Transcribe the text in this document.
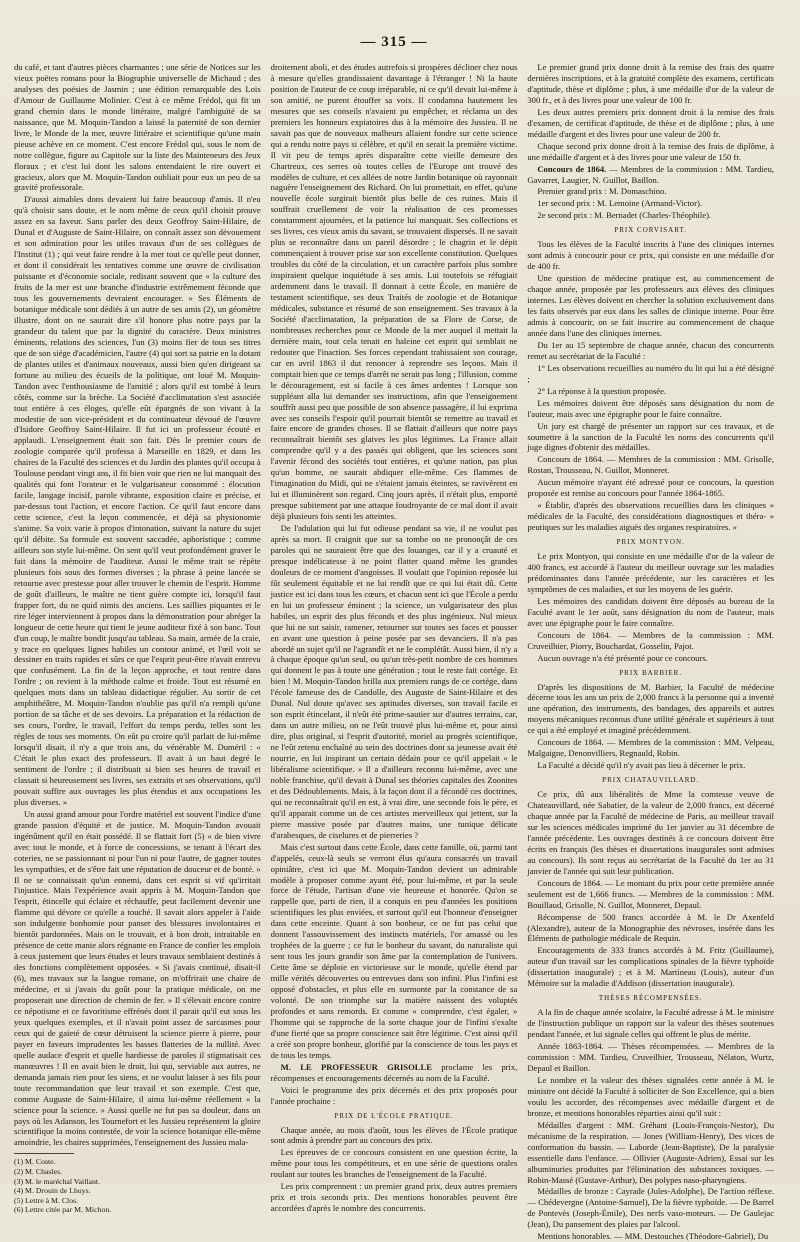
— 315 —

du café, et tant d'autres pièces charmantes ; une série de Notices sur les vieux poëtes romans pour la Biographie universelle de Michaud ; des analyses des poésies de Jasmin ; une édition remarquable des Lois d'Amour de Guillaume Molinier. C'est à ce même Frédol, qui fit un grand chemin dans le monde littéraire, malgré l'ambiguïté de sa naissance, que M. Moquin-Tandon a laissé la paternité de son dernier livre, le Monde de la mer, œuvre littéraire et scientifique qu'une main pieuse achève en ce moment. C'est encore Frédol qui, sous le nom de notre collègue, figure au Capitole sur la liste des Mainteneurs des Jeux floraux ; et c'est lui dont les salons entendaient le rire ouvert et gracieux, alors que M. Moquin-Tandon oubliait pour eux un peu de sa gravité professorale.

D'aussi aimables dons devaient lui faire beaucoup d'amis. Il n'eu qu'à choisir sans doute, et le nom même de ceux qu'il choisit prouve assez en sa faveur. Sans parler des deux Geoffroy Saint-Hilaire, de Dunal et d'Auguste de Saint-Hilaire, on connaît assez son dévouement et son admiration pour les utiles travaux d'un de ses collègues de l'Institut (1) ; qui veut faire rendre à la mer tout ce qu'elle peut donner, et dont il considérait les tentatives comme une œuvre de civilisation puissante et d'économie sociale, redisant souvent que « la culture des fruits de la mer est une branche d'industrie extrêmement féconde que tous les gouvernements devraient encourager. » Ses Éléments de botanique médicale sont dédiés à un autre de ses amis (2), un géomètre illustre, dont on ne saurait dire s'il honore plus notre pays par la grandeur du talent que par la dignité du caractère. Deux ministres éminents, relations des sciences, l'un (3) moins fier de tous ses titres que de son siége d'académicien, l'autre (4) qui sort sa patrie en la dotant de plantes utiles et d'animaux nouveaux, aussi bien qu'en dirigeant sa fortune au milieu des écueils de la politique, ont loué M. Moquin-Tandon avec l'enthousiasme de l'amitié ; alors qu'il est tombé à leurs côtés, comme sur la brèche. La Société d'acclimatation s'est associée tout entière à ces éloges, qu'elle eût épargnés de son vivant à la modestie de son vice-président et du continuateur dévoué de l'œuvre d'Isidore Geoffroy Saint-Hilaire. Il fut ici un professeur écouté et applaudi. L'enseignement était son fait. Dès le premier cours de zoologie comparée qu'il professa à Marseille en 1829, et dans les chaires de la Faculté des sciences et du Jardin des plantes qu'il occupa à Toulouse pendant vingt ans, il fit bien voir que rien ne lui manquait des qualités qui font l'orateur et le vulgarisateur consommé : élocution facile, langage incisif, parole vibrante, exposition claire et précise, et par-dessus tout l'action, et encore l'action. Ce qu'il faut encore dans cette science, c'est la leçon commencée, et déjà sa physionomie s'anime. Sa voix varie à propos d'intonation, suivant la nature du sujet qu'il débite. Sa formule est souvent saccadée, aphoristique ; comme ailleurs son style lui-même. On sent qu'il veut profondément graver le fait dans la mémoire de l'auditeur. Aussi le même trait se répète plusieurs fois sous des formes diverses ; la phrase à peine lancée se retourne avec prestesse pour aller trouver le chemin de l'esprit. Homme de goût d'ailleurs, le maître ne tient guère compte ici, lorsqu'il faut frapper fort, du ne quid nimis des anciens. Les saillies piquantes et le rire léger interviennent à propos dans la démonstration pour abréger la longueur de cette heure qui tient le jeune auditeur fixé à son banc. Tout d'un coup, le maître bondit jusqu'au tableau. Sa main, armée de la craie, y trace en quelques lignes habiles un contour animé, et l'œil voit se dessiner en traits rapides et sûrs ce que l'esprit peut-être n'avait entrevu que confusément. La fin de la leçon approche, et tout rentre dans l'ordre ; on revient à la méthode calme et froide. Tout est résumé en quelques mots dans un tableau didactique régulier. Au sortir de cet amphithéâtre, M. Moquin-Tandon n'oublie pas qu'il n'a rempli qu'une portion de sa tâche et de ses devoirs. La préparation et la rédaction de ses cours, l'ordre, le travail, l'effort du temps perdu, telles sont les règles de tous ses moments. On eût pu croire qu'il parlait de lui-même lorsqu'il disait, il n'y a que trois ans, du vénérable M. Duméril : « C'était le plus exact des professeurs. Il avait à un haut degré le sentiment de l'ordre ; il distribuait si bien ses heures de travail et classait si heureusement ses livres, ses extraits et ses observations, qu'il pouvait suffire aux ouvrages les plus étendus et aux occupations les plus diverses. »

Un aussi grand amour pour l'ordre matériel est souvent l'indice d'une grande passion d'équité et de justice. M. Moquin-Tandon avouait ingénûment qu'il en était possédé. Il se flattait fort (5) « de bien vivre avec tout le monde, et à force de concessions, se tenant à l'écart des coteries, ne se passionnant ni pour l'un ni pour l'autre, de gagner toutes les sympathies, et de s'être fait une réputation de douceur et de bonté. » Il ne se connaissait qu'un ennemi, dans cet esprit si vif qu'irritait l'injustice. Mais l'expérience avait appris à M. Moquin-Tandon que l'esprit, étincelle qui éclaire et réchauffe, peut facilement devenir une flamme qui dévore ce qu'elle a touché. Il savait alors appeler à l'aide son indulgente bonhomie pour panser des blessures involontaires et bientôt pardonnées. Mais on le trouvait, et à bon droit, intraitable en présence de cette manie alors régnante en France de confier les emplois à ceux justement que leurs études et leurs travaux semblaient destinés à des fonctions complètement opposées. « Si j'avais continué, disait-il (6), mes travaux sur la langue romane, on m'offrirait une chaire de médecine, et si j'avais du goût pour la pratique médicale, on me proposerait une direction de chemin de fer. » Il s'élevait encore contre ce népotisme et ce favoritisme effrénés dont il parait qu'il eut sous les yeux quelques exemples, et il n'avait point assez de sarcasmes pour ceux qui de gaieté de cœur détruisent la science pierre à pierre, pour payer en faveurs imprudentes les basses flatteries de la nullité. Avec quelle audace d'esprit et quelle hardiesse de paroles il stigmatisait ces manœuvres ! Il en avait bien le droit, lui qui, serviable aux autres, ne demanda jamais rien pour les siens, et ne voulut laisser à ses fils pour toute recommandation que leur travail et son exemple. C'est que, comme Auguste de Saint-Hilaire, il aima lui-même réellement « la science pour la science. » Aussi quelle ne fut pas sa douleur, dans un pays où les Adanson, les Tournefort et les Jussieu représentent la gloire scientifique la moins contestée, de voir la science botanique elle-même amoindrie, les chaires supprimées, l'enseignement des Jussieu mala-

(1) M. Coste.
(2) M. Chasles.
(3) M. le maréchal Vaillant.
(4) M. Drouin de Lhuys.
(5) Lettre à M. Clos.
(6) Lettre citée par M. Michon.

droitement aboli, et des études autrefois si prospères décliner chez nous à mesure qu'elles grandissaient davantage à l'étranger ! Ni la haute position de l'auteur de ce coup irréparable, ni ce qu'il devait lui-même à son amitié, ne purent étouffer sa voix. Il condamna hautement les mesures que ses conseils n'avaient pu empêcher, et réclama un des premiers les honneurs expiatoires dus à la mémoire des Jussieu. Il ne savait pas que de nouveaux malheurs allaient fondre sur cette science qui a rendu notre pays si célèbre, et qu'il en serait la première victime. Il vit peu de temps après disparaître cette vieille demeure des Chartreux, ces serres où toutes celles de l'Europe ont trouvé des modèles de culture, et ces allées de notre Jardin botanique où rayonnait naguère l'enseignement des Richard. On lui promettait, en effet, qu'une nouvelle école surgirait bientôt plus belle de ces ruines. Mais il souffrait cruellement de voir la réalisation de ces promesses constamment ajournées, et la patience lui manquait. Ses collections et ses livres, ces vieux amis du savant, se trouvaient dispersés. Il ne savait plus se reconnaître dans un pareil désordre ; le chagrin et le dépit commençaient à trouver prise sur son excellente constitution. Quelques troubles du côté de la circulation, et un caractère parfois plus sombre inspiraient quelque inquiétude à ses amis. Lui toutefois se réfugiait ardemment dans le travail. Il donnait à cette École, en manière de testament scientifique, ses deux Traités de zoologie et de Botanique médicales, substance et résumé de son enseignement. Ses travaux à la Société d'acclimatation, la préparation de sa Flore de Corse, de nombreuses recherches pour ce Monde de la mer auquel il mettait la dernière main, tout cela tenait en haleine cet esprit qui semblait ne redouter que l'inaction. Ses forces cependant trahissaient son courage, car en avril 1863 il dut renoncer à reprendre ses leçons. Mais il comptait bien que ce temps d'arrêt ne serait pas long ; l'illusion, comme le découragement, est si facile à ces âmes ardentes ! Lorsque son suppléant alla lui demander ses instructions, afin que l'enseignement souffrît aussi peu que possible de son absence passagère, il lui exprima avec ses conseils l'espoir qu'il pourrait bientôt se remettre au travail et faire encore de grandes choses. Il se flattait d'ailleurs que notre pays reconnaîtrait bientôt ses glaives les plus légitimes. La France allait comprendre qu'il y a des passés qui obligent, que les sciences sont l'avenir fécond des sociétés tout entières, et qu'une nation, pas plus qu'un homme, ne saurait abdiquer elle-même. Ces flammes de l'imagination du Midi, qui ne s'étaient jamais éteintes, se ravivèrent en lui et illuminèrent son regard. Cinq jours après, il n'était plus, emporté presque subitement par une attaque foudroyante de ce mal dont il avait déjà plusieurs fois senti les atteintes.

De l'adulation qui lui fut odieuse pendant sa vie, il ne voulut pas après sa mort. Il craignit que sur sa tombe on ne prononçât de ces paroles qui ne sauraient être que des louanges, car il y a cruauté et presque indélicatesse à ne point flatter quand même les grandes douleurs de ce moment d'angoisses. Il voulait que l'opinion reposée lui fût seulement équitable et ne lui rendît que ce qui lui était dû. Cette justice est ici dans tous les cœurs, et chacun sent ici que l'École a perdu en lui un professeur éminent ; la science, un vulgarisateur des plus habiles, un esprit des plus féconds et des plus ingénieux. Nul mieux que lui ne sut saisir, ramener, retourner sur toutes ses faces et pousser en avant une question à peine posée par ses devanciers. Il n'a pas abordé un sujet qu'il ne l'agrandît et ne le complétât. Aussi bien, il n'y a à chaque époque qu'un seul, ou qu'un très-petit nombre de ces hommes qui donnent le pas à toute une génération ; tout le reste fait cortége. Et bien ! M. Moquin-Tandon brilla aux premiers rangs de ce cortége, dans l'école fameuse des de Candolle, des Auguste de Saint-Hilaire et des Dunal. Nul doute qu'avec ses aptitudes diverses, son travail facile et son esprit étincelant, il n'eût été prime-sautier sur d'autres terrains, car, dans un autre milieu, on ne l'eût trouvé plus lui-même et, pour ainsi dire, plus original, si l'esprit d'autorité, moriel au progrès scientifique, ne l'eût retenu enchaîné au sein des doctrines dont sa jeunesse avait été nourrie, en lui inspirant un certain dédain pour ce qu'il appelait « le libéralisme scientifique. » Il a d'ailleurs reconnu lui-même, avec une noble franchise, qu'il devait à Dunal ses théories capitales des Zoonites et des Dédoublements. Mais, à la façon dont il a fécondé ces doctrines, qui ne reconnaîtrait qu'il en est, à vrai dire, une seconde fois le père, et qu'il apparait comme un de ces artistes merveilleux qui jettent, sur la pierre massive posée par d'autres mains, une tunique délicate d'arabesques, de ciselures et de pierreries ?

Mais c'est surtout dans cette École, dans cette famille, où, parmi tant d'appelés, ceux-là seuls se verront élus qu'aura consacrés un travail opiniâtre, c'est ici que M. Moquin-Tandon devient un admirable modèle à proposer comme ayant été, pour lui-même, et par la seule force de l'étude, l'artisan d'une vie heureuse et honorée. Qu'on se rappelle que, parti de rien, il a conquis en peu d'années les positions scientifiques les plus enviées, et surtout qu'il eut l'honneur d'enseigner dans cette enceinte. Quant à son bonheur, ce ne fut pas celui que donnent l'assouvissement des instincts matériels, l'or amassé ou les trophées de la guerre ; ce fut le bonheur du savant, du naturaliste qui sent tous les jours grandir son âme par la contemplation de l'univers. Cette âme se déploie en victorieuse sur le monde, qu'elle étend par mille vérités découvertes ou entrevues dans son infini. Plus l'infini est opposé d'obstacles, et plus elle en surmonte par la constance de sa volonté. De son triomphe sur la matière naissent des voluptés profondes et sans remords. Et comme « comprendre, c'est égaler, » l'homme qui se rapproche de la sorte chaque jour de l'infini s'exalte d'une fierté que sa propre conscience sait être légitime. C'est ainsi qu'il a créé son propre bonheur, glorifié par la conscience de tous les pays et de tous les temps.

M. LE PROFESSEUR GRISOLLE proclame les prix, récompenses et encouragements décernés au nom de la Faculté.

Voici le programme des prix décernés et des prix proposés pour l'année prochaine :

PRIX DE L'ÉCOLE PRATIQUE.

Chaque année, au mois d'août, tous les élèves de l'École pratique sont admis à prendre part au concours des prix.

Les épreuves de ce concours consistent en une question écrite, la même pour tous les compétiteurs, et en une série de questions orales roulant sur toutes les branches de l'enseignement de la Faculté.

Les prix comprennent : un premier grand prix, deux autres premiers prix et trois seconds prix. Des mentions honorables peuvent être accordées d'après le nombre des concurrents.

Le premier grand prix donne droit à la remise des frais des quatre dernières inscriptions, et à la gratuité complète des examens, certificats d'aptitude, thèse et diplôme ; plus, à une médaille d'or de la valeur de 300 fr., et à des livres pour une valeur de 100 fr.

Les deux autres premiers prix donnent droit à la remise des frais d'examen, de certificat d'aptitude, de thèse et de diplôme ; plus, à une médaille d'argent et des livres pour une valeur de 200 fr.

Chaque second prix donne droit à la remise des frais de diplôme, à une médaille d'argent et à des livres pour une valeur de 150 fr.

Concours de 1864. — Membres de la commission : MM. Tardieu, Gavarret, Laugier, N. Guillot, Baillon.

Premier grand prix : M. Domaschino.

1er second prix : M. Lemoine (Armand-Victor).

2e second prix : M. Bernadet (Charles-Théophile).

PRIX CORVISART.

Tous les élèves de la Faculté inscrits à l'une des cliniques internes sont admis à concourir pour ce prix, qui consiste en une médaille d'or de 400 fr.

Une question de médecine pratique est, au commencement de chaque année, proposée par les professeurs aux élèves des cliniques internes. Les élèves doivent en chercher la solution exclusivement dans les faits observés par eux dans les salles de clinique interne. Pour être admis à concourir, on se fait inscrire au commencement de chaque année dans l'une des cliniques internes.

Du 1er au 15 septembre de chaque année, chacun des concurrents remet au secrétariat de la Faculté :

1° Les observations recueillies au numéro du lit qui lui a été désigné ;

2° La réponse à la question proposée.

Les mémoires doivent être déposés sans désignation du nom de l'auteur, mais avec une épigraphe pour le faire connaître.

Un jury est chargé de présenter un rapport sur ces travaux, et de soumettre à la sanction de la Faculté les noms des concurrents qu'il juge dignes d'obtenir des médailles.

Concours de 1864. — Membres de la commission : MM. Grisolle, Rostan, Trousseau, N. Guillot, Monneret.

Aucun mémoire n'ayant été adressé pour ce concours, la question proposée est remise au concours pour l'année 1864-1865.

« Établir, d'après des observations recueillies dans les cliniques » médicales de la Faculté, des considérations diagnostiques et théra- » peutiques sur les maladies aiguës des organes respiratoires. »

PRIX MONTYON.

Le prix Montyon, qui consiste en une médaille d'or de la valeur de 400 francs, est accordé à l'auteur du meilleur ouvrage sur les maladies prédominantes dans l'année précédente, sur les caractères et les symptômes de ces maladies, et sur les moyens de les guérir.

Les mémoires des candidats doivent être déposés au bureau de la Faculté avant le 1er août, sans désignation du nom de l'auteur, mais avec une épigraphe pour le faire connaître.

Concours de 1864. — Membres de la commission : MM. Cruveilhier, Piorry, Bouchardat, Gosselin, Pajot.

Aucun ouvrage n'a été présenté pour ce concours.

PRIX BARBIER.

D'après les dispositions de M. Barbier, la Faculté de médecine décerne tous les ans un prix de 2,000 francs à la personne qui a inventé une opération, des instruments, des bandages, des appareils et autres moyens mécaniques reconnus d'une utilité générale et supérieurs à tout ce qui a été employé et imaginé précédemment.

Concours de 1864. — Membres de la commission : MM. Velpeau, Malgaigne, Denonvilliers, Regnauld, Robin.

La Faculté a décidé qu'il n'y avait pas lieu à décerner le prix.

PRIX CHATAUVILLARD.

Ce prix, dû aux libéralités de Mme la comtesse veuve de Chateauvillard, née Sabatier, de la valeur de 2,000 francs, est décerné chaque année par la Faculté de médecine de Paris, au meilleur travail sur les sciences médicales imprimé du 1er janvier au 31 décembre de l'année précédente. Les ouvrages destinés à ce concours doivent être écrits en français (les thèses et dissertations inaugurales sont admises au concours). Ils sont reçus au secrétariat de la Faculté du 1er au 31 janvier de l'année qui suit leur publication.

Concours de 1864. — Le montant du prix pour cette première année seulement est de 1,666 francs. — Membres de la commission : MM. Bouillaud, Grisolle, N. Guillot, Monneret, Depaul.

Récompense de 500 francs accordée à M. le Dr Axenfeld (Alexandre), auteur de la Monographie des névroses, insérée dans les Éléments de pathologie médicale de Requin.

Encouragements de 333 francs accordés à M. Fritz (Guillaume), auteur d'un travail sur les complications spinales de la fièvre typhoïde (dissertation inaugurale) ; et à M. Martineau (Louis), auteur d'un Mémoire sur la maladie d'Addison (dissertation inaugurale).

THÈSES RÉCOMPENSÉES.

A la fin de chaque année scolaire, la Faculté adresse à M. le ministre de l'instruction publique un rapport sur la valeur des thèses soutenues pendant l'année, et lui signale celles qui offrent le plus de mérite.

Année 1863-1864. — Thèses récompensées. — Membres de la commission : MM. Tardieu, Cruveilhier, Trousseau, Nélaton, Wurtz, Depaul et Baillon.

Le nombre et la valeur des thèses signalées cette année à M. le ministre ont décidé la Faculté à solliciter de Son Excellence, qui a bien voulu les accorder, des récompenses avec médaille d'argent et de bronze, et mentions honorables réparties ainsi qu'il suit :

Médailles d'argent : MM. Gréhant (Louis-François-Nestor), Du mécanisme de la respiration. — Jones (William-Henry), Des vices de conformation du bassin. — Laborde (Jean-Baptiste), De la paralysie essentielle dans l'enfance. — Ollivier (Auguste-Adrien), Essai sur les albuminuries produites par l'élimination des substances toxiques. — Robin-Massé (Gustave-Arthur), Des polypes naso-pharyngiens.

Médailles de bronze : Cayrade (Jules-Adolphe), De l'action réflexe. — Chédevergne (Antoine-Samuel), De la fièvre typhoïde. — De Barrel de Pontevès (Joseph-Émile), Des nerfs vaso-moteurs. — De Gaulejac (Jean), Du pansement des plaies par l'alcool.

Mentions honorables. — MM. Destouches (Théodore-Gabriel), Du
